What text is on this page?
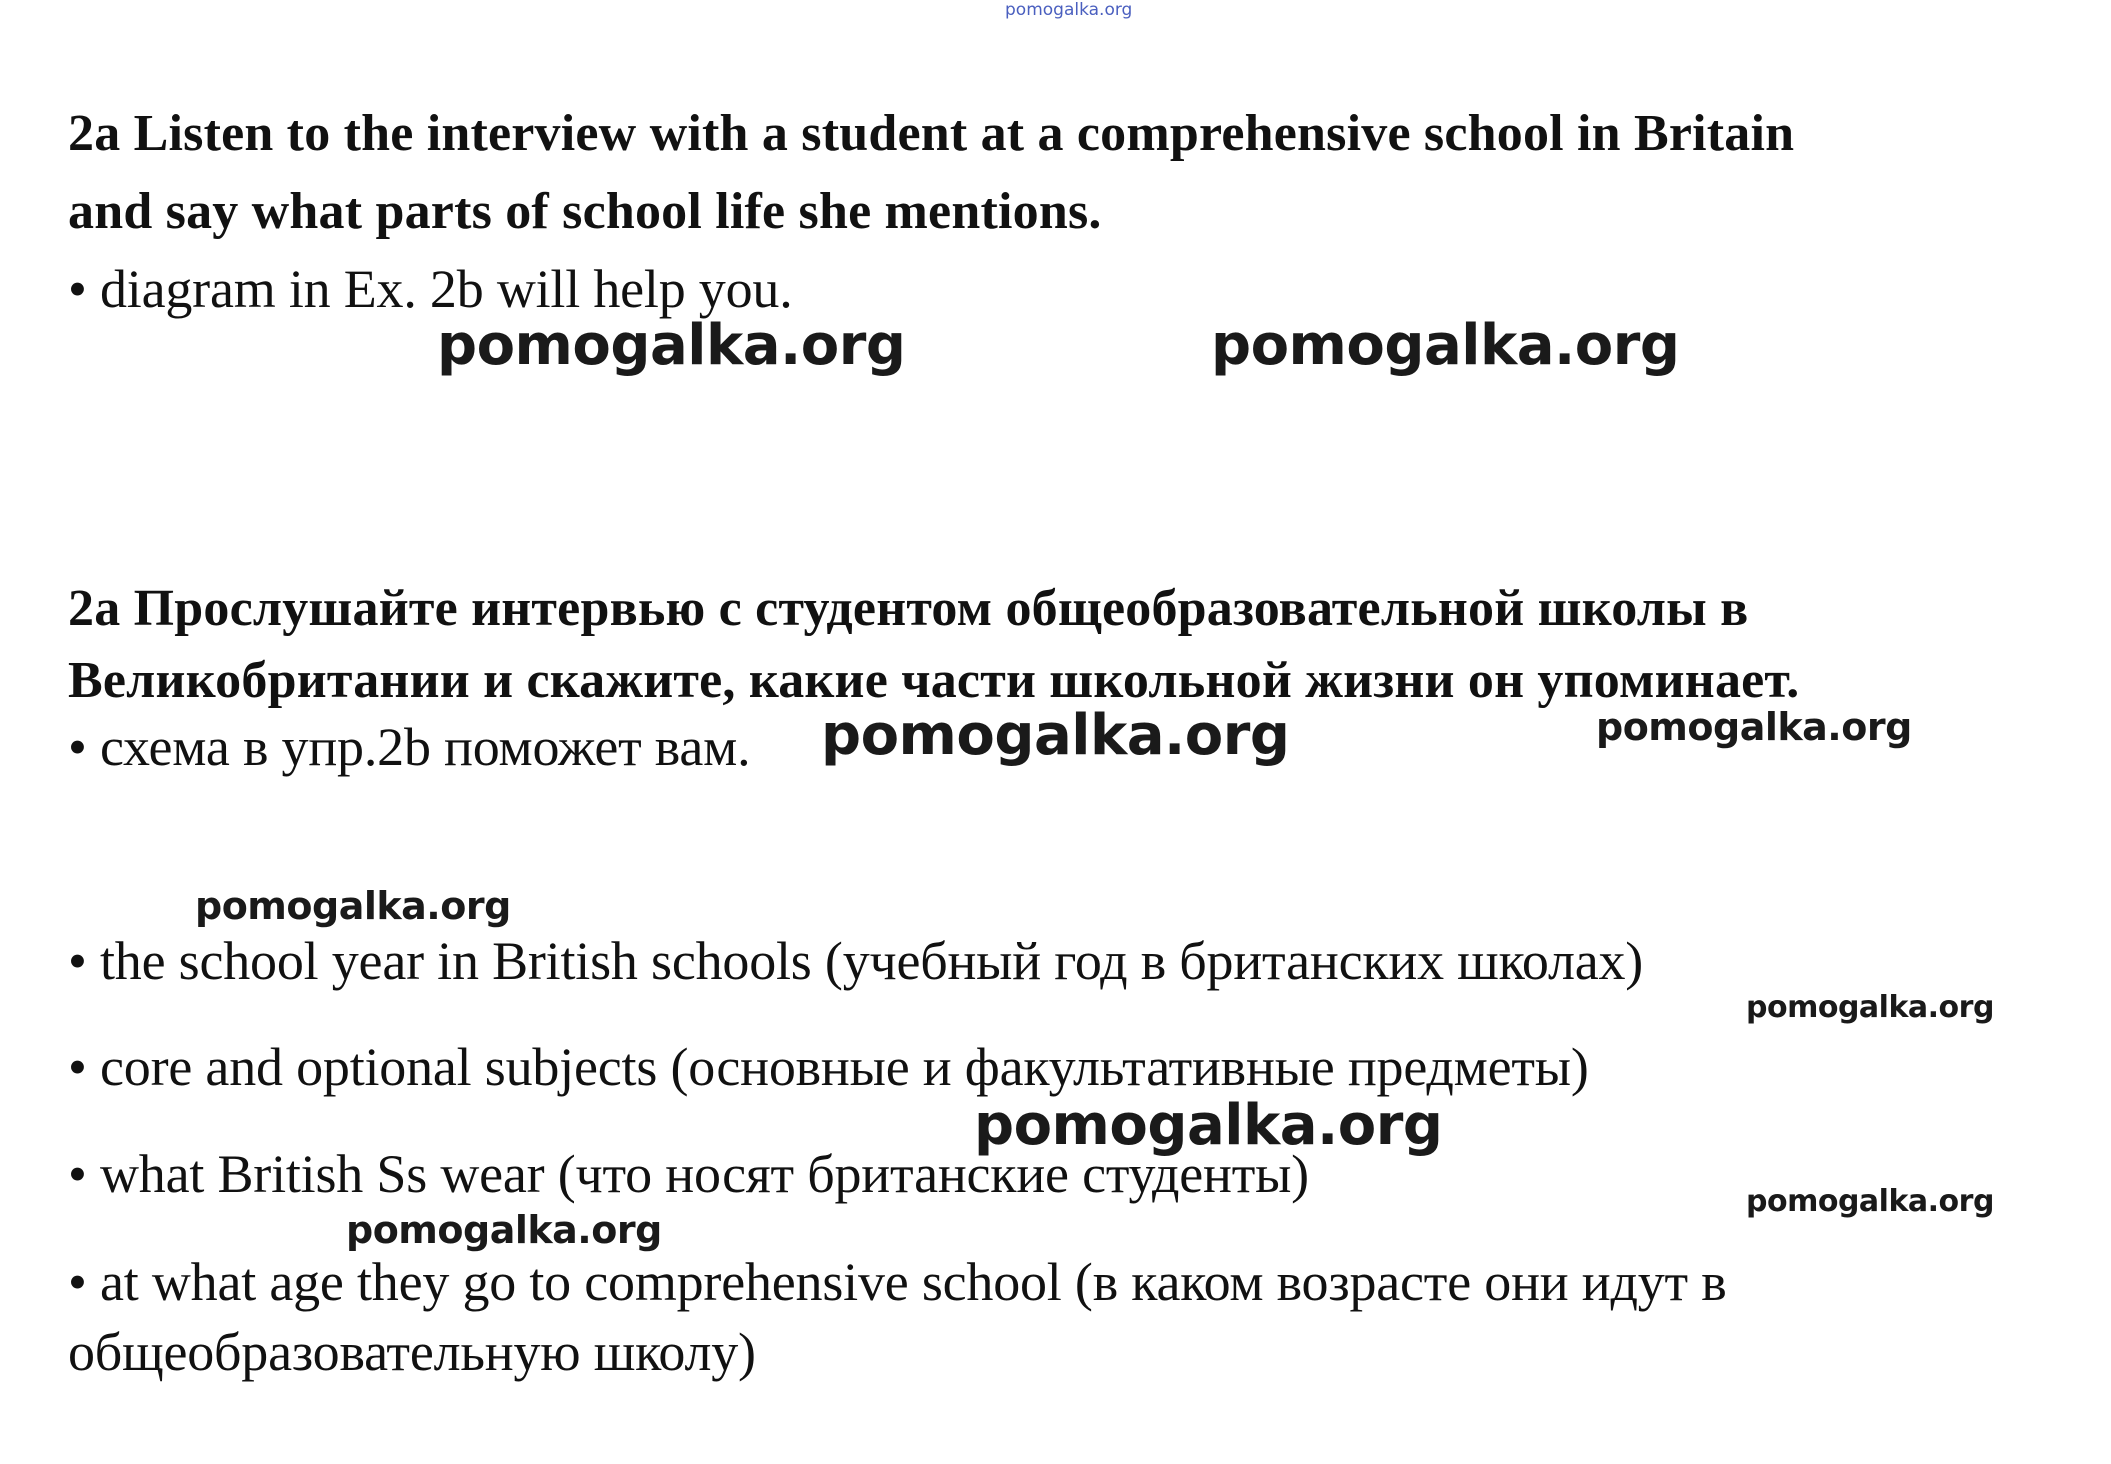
pomogalka.org

2a Listen to the interview with a student at a comprehensive school in Britain

and say what parts of school life she mentions.

• diagram in Ex. 2b will help you.

pomogalka.org	pomogalka.org

2a Прослушайте интервью с студентом общеобразовательной школы в

Великобритании и скажите, какие части школьной жизни он упоминает.

• схема в упр.2b поможет вам. pomogalka.org	pomogalka.org
pomogalka.org

• the school year in British schools (учебный год в британских школах)

pomogalka.org

• core and optional subjects (основные и факультативные предметы)

• what British Ss wear (что носят британские студенты)

pomogalka.org
pomogalka.org
pomogalka.org

• at what age they go to comprehensive school (в каком возрасте они идут в

общеобразовательную школу)
